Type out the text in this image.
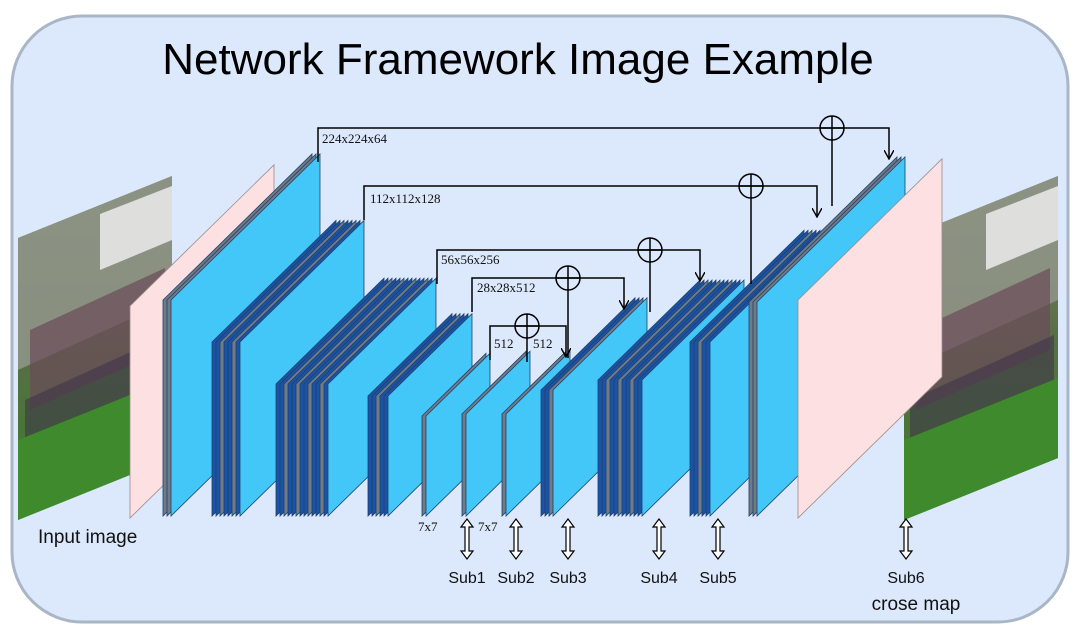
Network Framework Image Example
224x224x64
112x112x128
56x56x256
28x28x512
512 512
7x7	7x7
Sub1 Sub2 Sub3	Sub4 Sub5	Sub6
Input image
crose map
